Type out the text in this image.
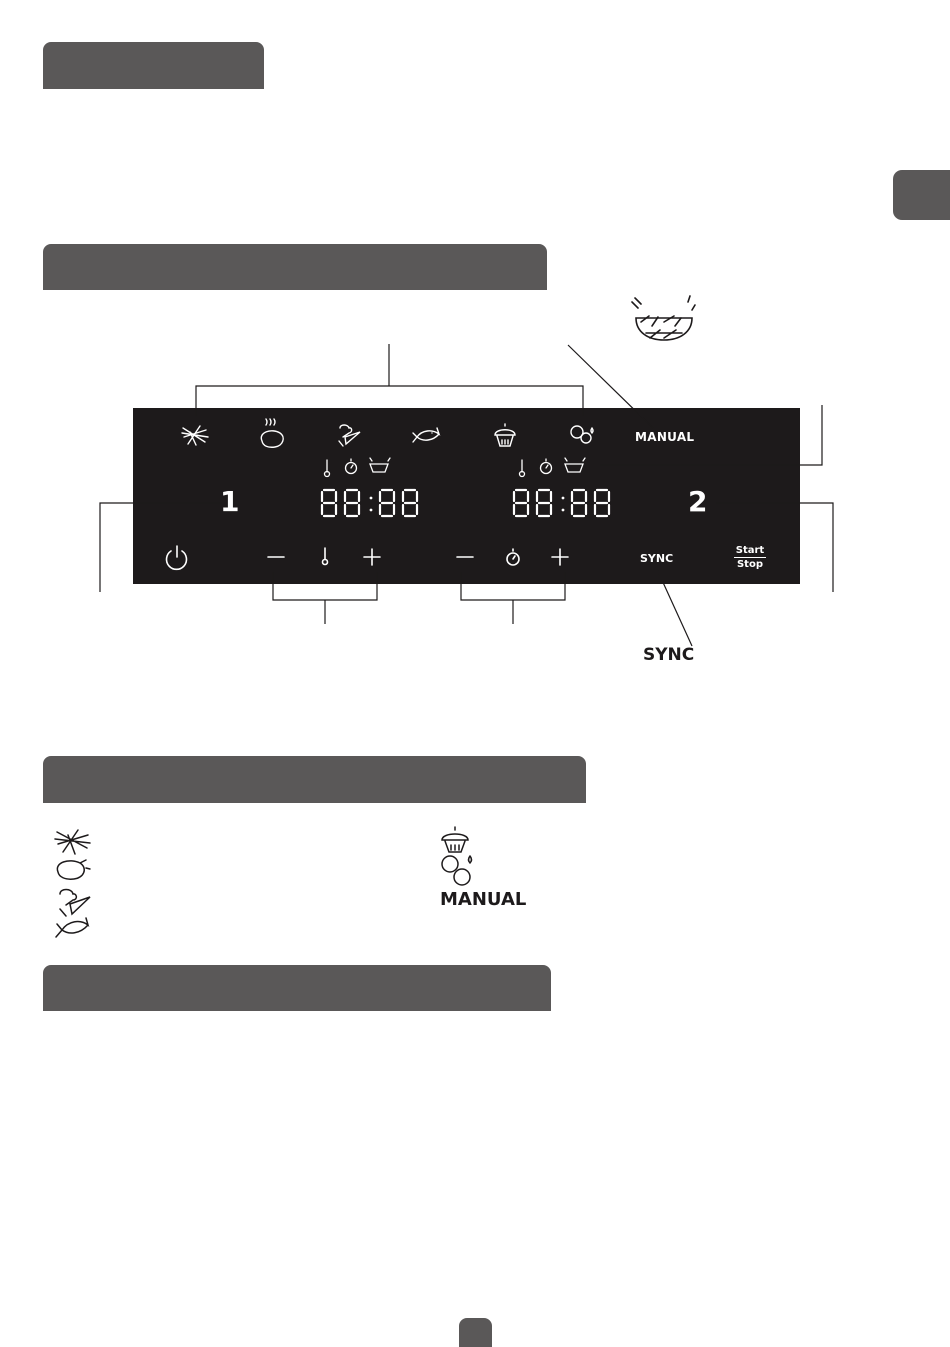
MANUAL
SYNC
Start
Stop
1	2
SYNC
MANUAL
